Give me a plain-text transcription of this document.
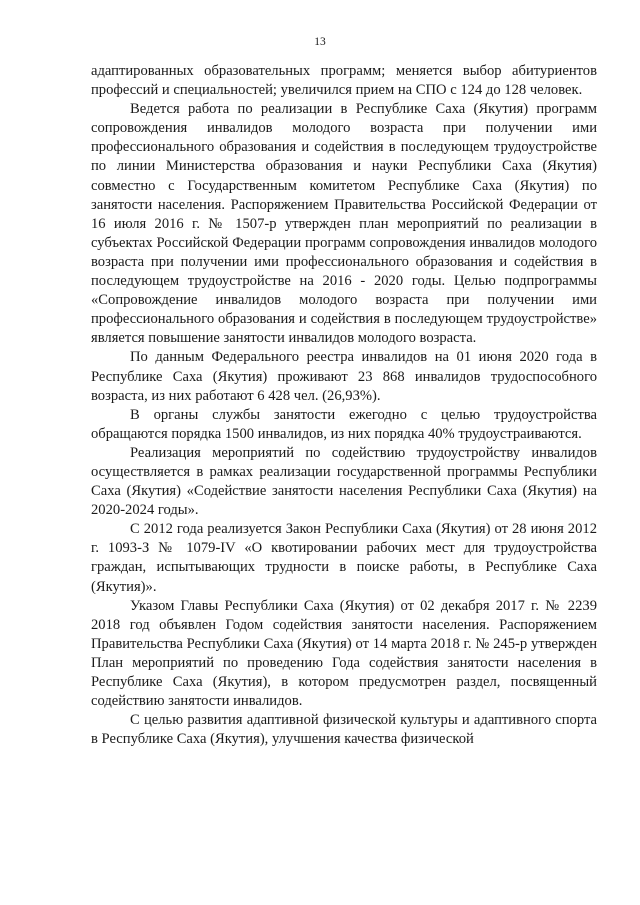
13

адаптированных образовательных программ; меняется выбор абитуриентов профессий и специальностей; увеличился прием на СПО с 124 до 128 человек.

Ведется работа по реализации в Республике Саха (Якутия) программ сопровождения инвалидов молодого возраста при получении ими профессионального образования и содействия в последующем трудоустройстве по линии Министерства образования и науки Республики Саха (Якутия) совместно с Государственным комитетом Республике Саха (Якутия) по занятости населения. Распоряжением Правительства Российской Федерации от 16 июля 2016 г. № 1507-р утвержден план мероприятий по реализации в субъектах Российской Федерации программ сопровождения инвалидов молодого возраста при получении ими профессионального образования и содействия в последующем трудоустройстве на 2016 - 2020 годы. Целью подпрограммы «Сопровождение инвалидов молодого возраста при получении ими профессионального образования и содействия в последующем трудоустройстве» является повышение занятости инвалидов молодого возраста.

По данным Федерального реестра инвалидов на 01 июня 2020 года в Республике Саха (Якутия) проживают 23 868 инвалидов трудоспособного возраста, из них работают 6 428 чел. (26,93%).

В органы службы занятости ежегодно с целью трудоустройства обращаются порядка 1500 инвалидов, из них порядка 40% трудоустраиваются.

Реализация мероприятий по содействию трудоустройству инвалидов осуществляется в рамках реализации государственной программы Республики Саха (Якутия) «Содействие занятости населения Республики Саха (Якутия) на 2020-2024 годы».

С 2012 года реализуется Закон Республики Саха (Якутия) от 28 июня 2012 г. 1093-З № 1079-IV «О квотировании рабочих мест для трудоустройства граждан, испытывающих трудности в поиске работы, в Республике Саха (Якутия)».

Указом Главы Республики Саха (Якутия) от 02 декабря 2017 г. № 2239 2018 год объявлен Годом содействия занятости населения. Распоряжением Правительства Республики Саха (Якутия) от 14 марта 2018 г. № 245-р утвержден План мероприятий по проведению Года содействия занятости населения в Республике Саха (Якутия), в котором предусмотрен раздел, посвященный содействию занятости инвалидов.

С целью развития адаптивной физической культуры и адаптивного спорта в Республике Саха (Якутия), улучшения качества физической
